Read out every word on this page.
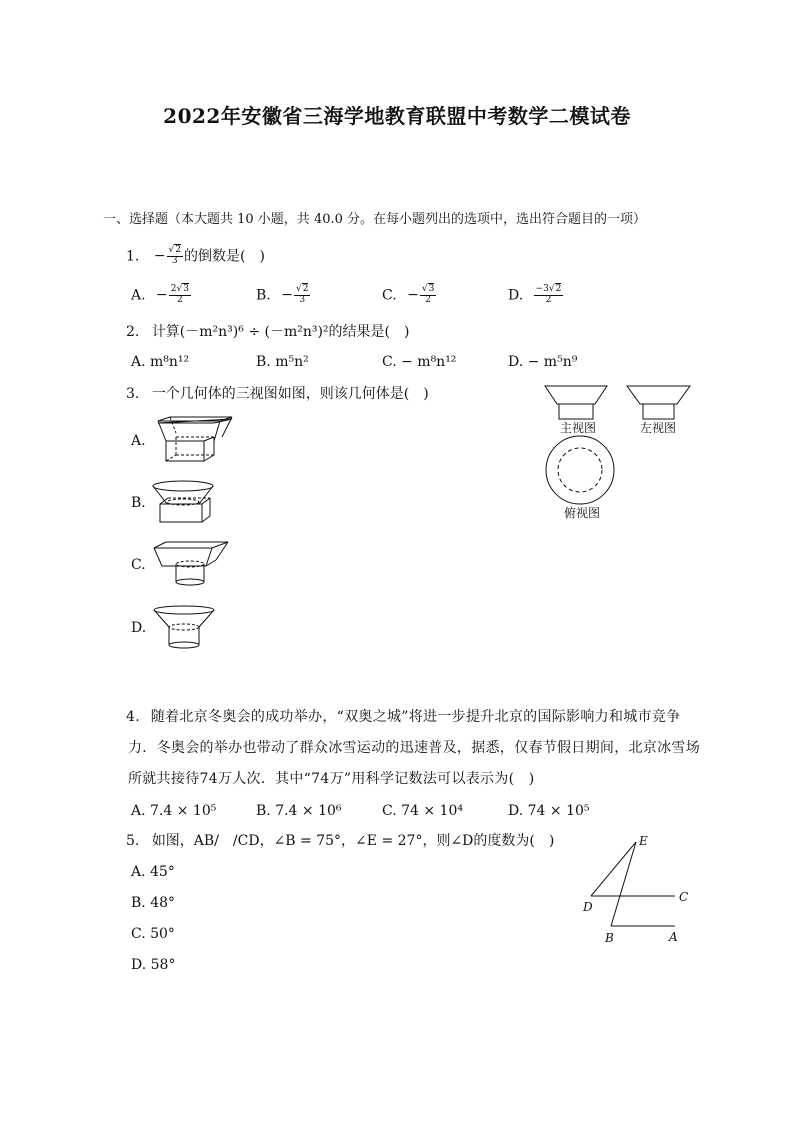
2022年安徽省三海学地教育联盟中考数学二模试卷
一、选择题（本大题共 10 小题，共 40.0 分。在每小题列出的选项中，选出符合题目的一项）
1. − $\frac{√2}{3}$ 的倒数是(　)
A. − $\frac{2√3}{2}$	B. − $\frac{√2}{3}$	C. − $\frac{√3}{2}$	D. $\frac{-3√2}{2}$
2. 计算(－m²n³)⁶ ÷ (－m²n³)²的结果是(　)
A. m⁸n¹²	B. m⁵n²	C. − m⁸n¹²	D. − m⁵n⁹
3. 一个几何体的三视图如图，则该几何体是(　)
主视图	左视图
俯视图
A.
B.
C.
D.
4. 随着北京冬奥会的成功举办，“双奥之城”将进一步提升北京的国际影响力和城市竞争
力．冬奥会的举办也带动了群众冰雪运动的迅速普及，据悉，仅春节假日期间，北京冰雪场
所就共接待74万人次．其中“74万”用科学记数法可以表示为(　)
A. 7.4 × 10⁵	B. 7.4 × 10⁶	C. 74 × 10⁴	D. 74 × 10⁵
5. 如图，AB/　/CD，∠B = 75°，∠E = 27°，则∠D的度数为(　)
A. 45°
B. 48°
C. 50°
D. 58°
E
C
D
B	A
